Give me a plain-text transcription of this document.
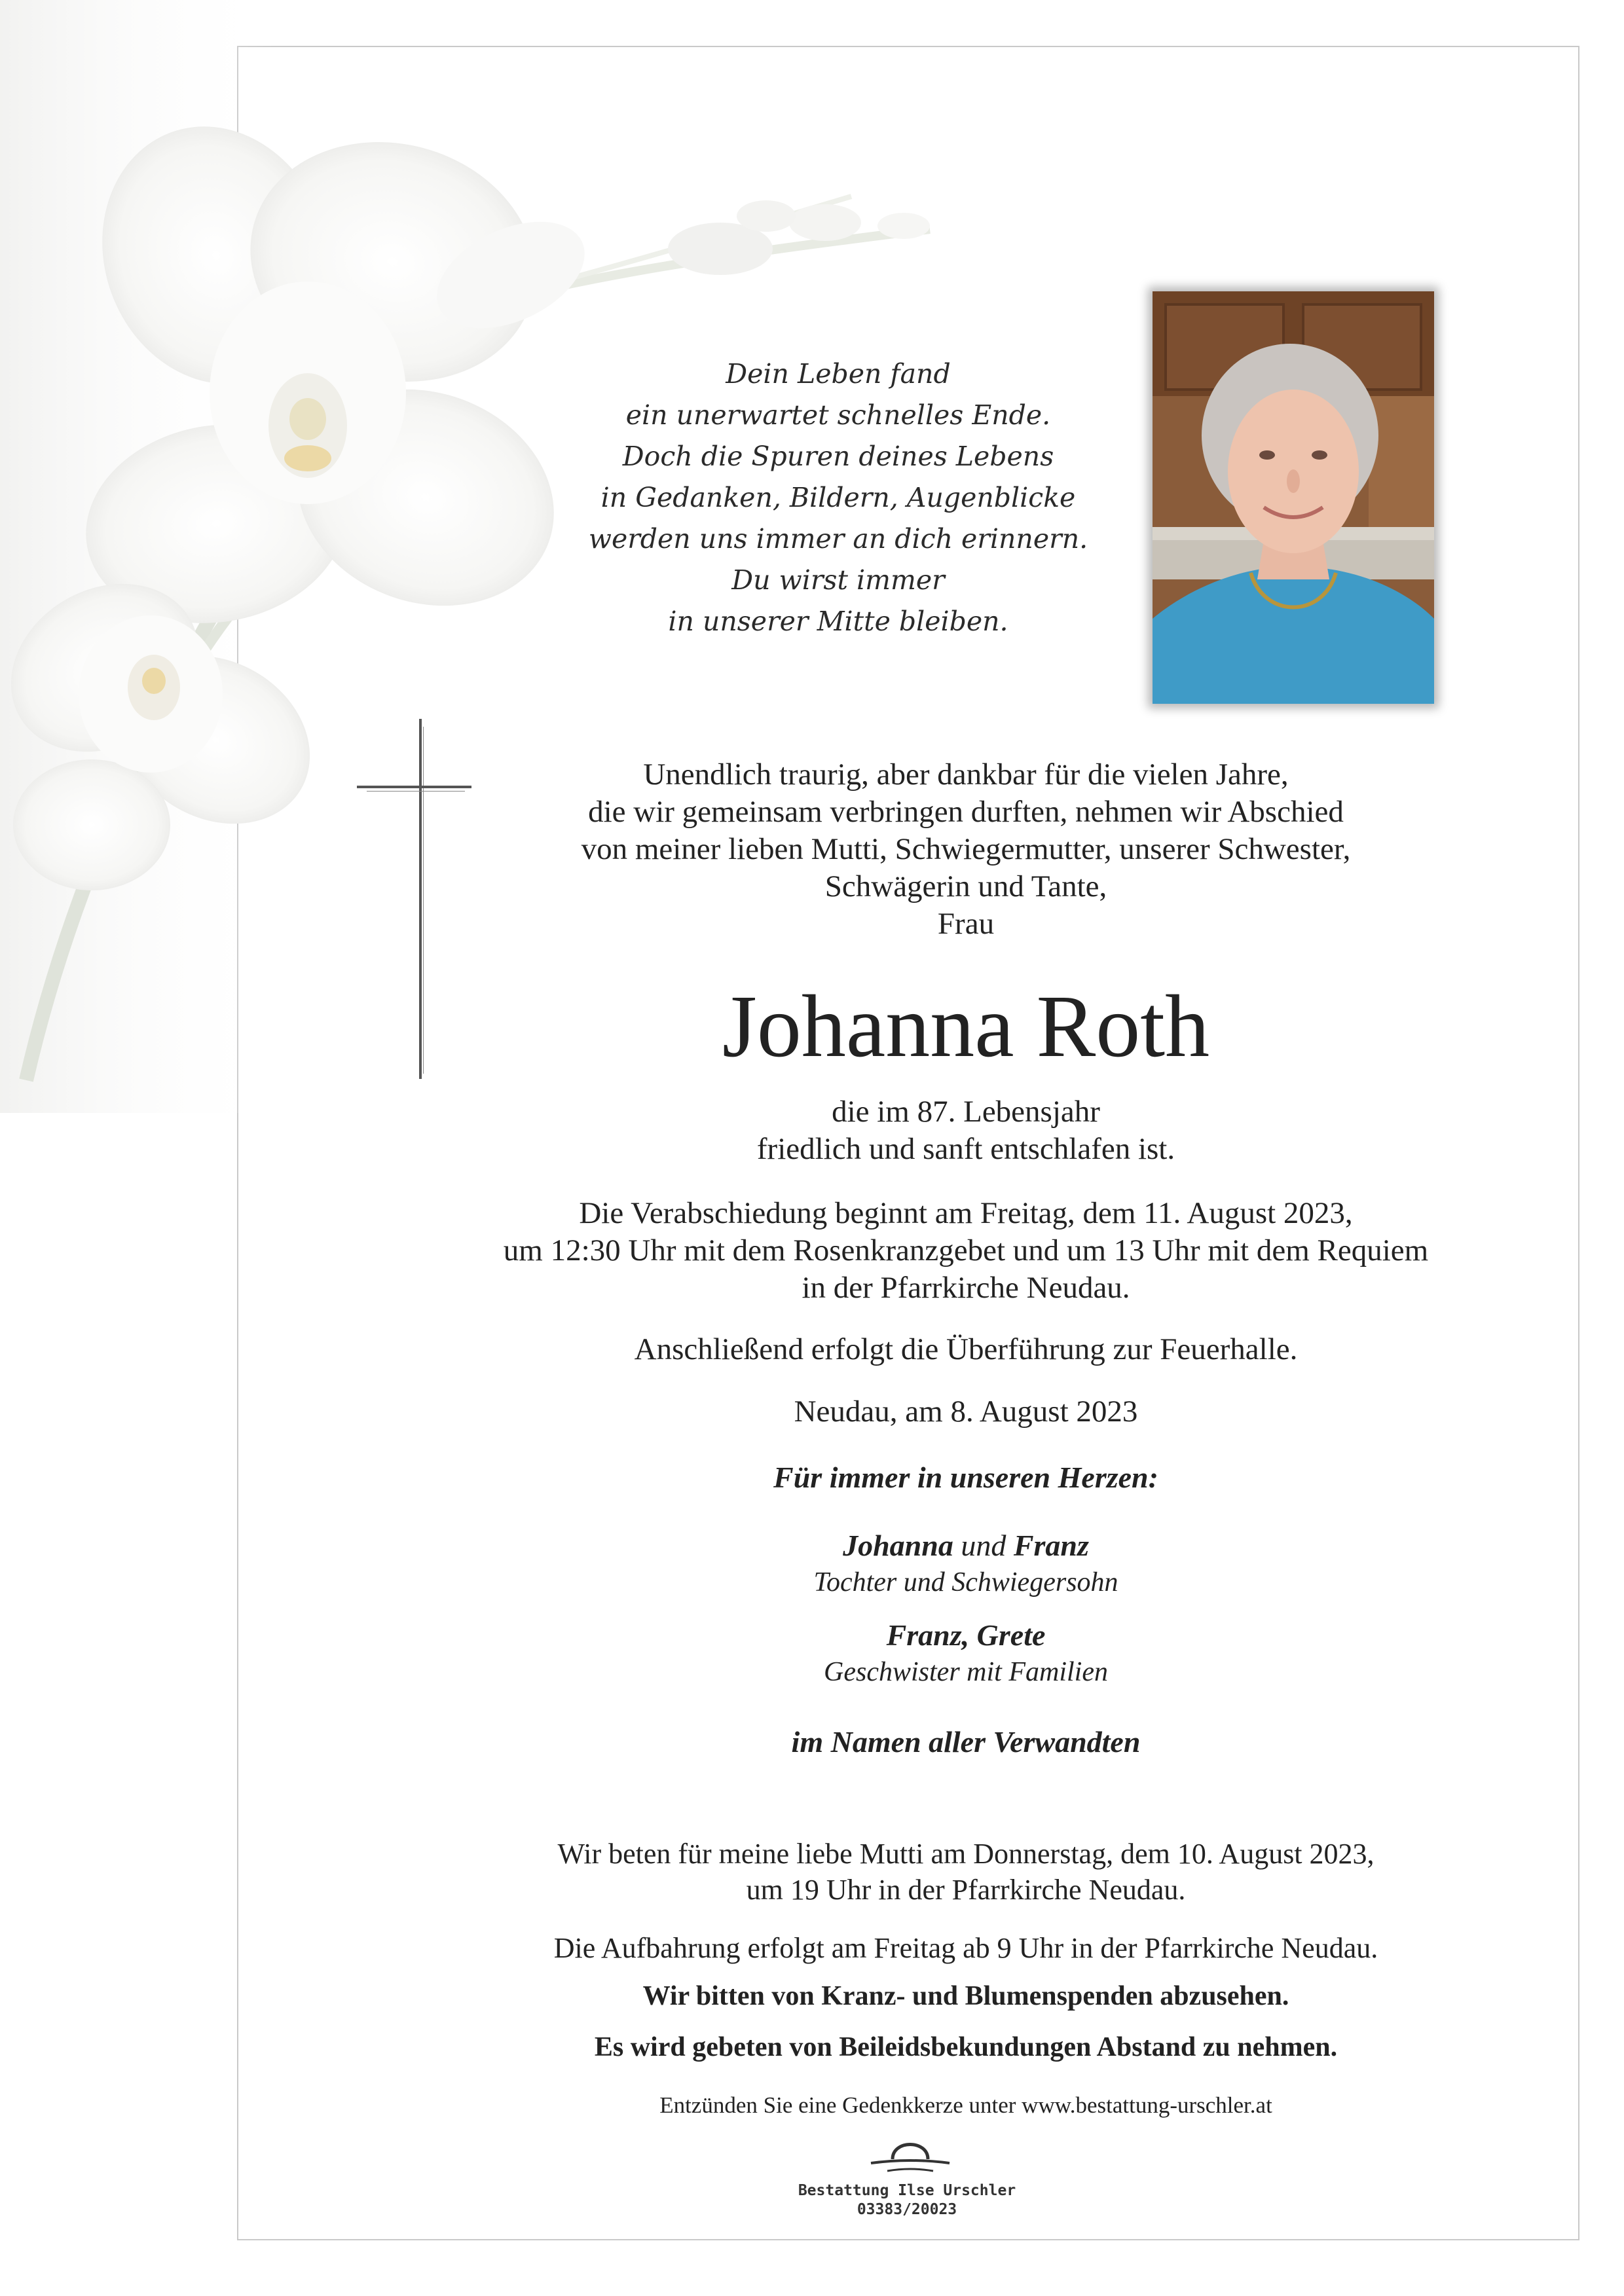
Dein Leben fand
ein unerwartet schnelles Ende.
Doch die Spuren deines Lebens
in Gedanken, Bildern, Augenblicke
werden uns immer an dich erinnern.
Du wirst immer
in unserer Mitte bleiben.
Unendlich traurig, aber dankbar für die vielen Jahre,
die wir gemeinsam verbringen durften, nehmen wir Abschied
von meiner lieben Mutti, Schwiegermutter, unserer Schwester,
Schwägerin und Tante,
Frau
Johanna Roth
die im 87. Lebensjahr
friedlich und sanft entschlafen ist.
Die Verabschiedung beginnt am Freitag, dem 11. August 2023,
um 12:30 Uhr mit dem Rosenkranzgebet und um 13 Uhr mit dem Requiem
in der Pfarrkirche Neudau.
Anschließend erfolgt die Überführung zur Feuerhalle.
Neudau, am 8. August 2023
Für immer in unseren Herzen:
Johanna und Franz
Tochter und Schwiegersohn
Franz, Grete
Geschwister mit Familien
im Namen aller Verwandten
Wir beten für meine liebe Mutti am Donnerstag, dem 10. August 2023,
um 19 Uhr in der Pfarrkirche Neudau.
Die Aufbahrung erfolgt am Freitag ab 9 Uhr in der Pfarrkirche Neudau.
Wir bitten von Kranz- und Blumenspenden abzusehen.
Es wird gebeten von Beileidsbekundungen Abstand zu nehmen.
Entzünden Sie eine Gedenkkerze unter www.bestattung-urschler.at
Bestattung Ilse Urschler
03383/20023
